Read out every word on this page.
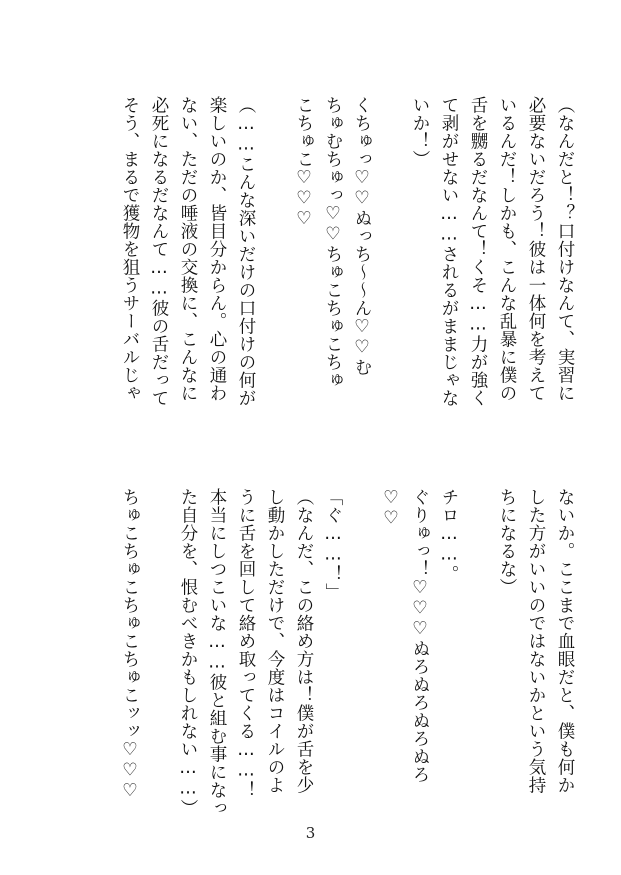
（なんだと！？口付けなんて、実習に
必要ないだろう！彼は一体何を考えて
いるんだ！しかも、こんな乱暴に僕の
舌を嬲るだなんて！くそ……力が強く
て剥がせない……されるがままじゃな
いか！）

くちゅっ♡♡ぬっち〜〜ん♡♡む
ちゅむちゅっ♡♡ちゅこちゅこちゅ
こちゅこ♡♡♡

（……こんな深いだけの口付けの何が
楽しいのか、皆目分からん。心の通わ
ない、ただの唾液の交換に、こんなに
必死になるだなんて……彼の舌だって
そう、まるで獲物を狙うサーバルじゃ
ないか。ここまで血眼だと、僕も何か
した方がいいのではないかという気持
ちになるな）

チロ……。
ぐりゅっ！♡♡♡ぬろぬろぬろぬろ
♡♡

「ぐ……！」
（なんだ、この絡め方は！僕が舌を少
し動かしただけで、今度はコイルのよ
うに舌を回して絡め取ってくる……！
本当にしつこいな……彼と組む事になっ
た自分を、恨むべきかもしれない……）

ちゅこちゅこちゅこちゅこッッ♡♡♡
3
